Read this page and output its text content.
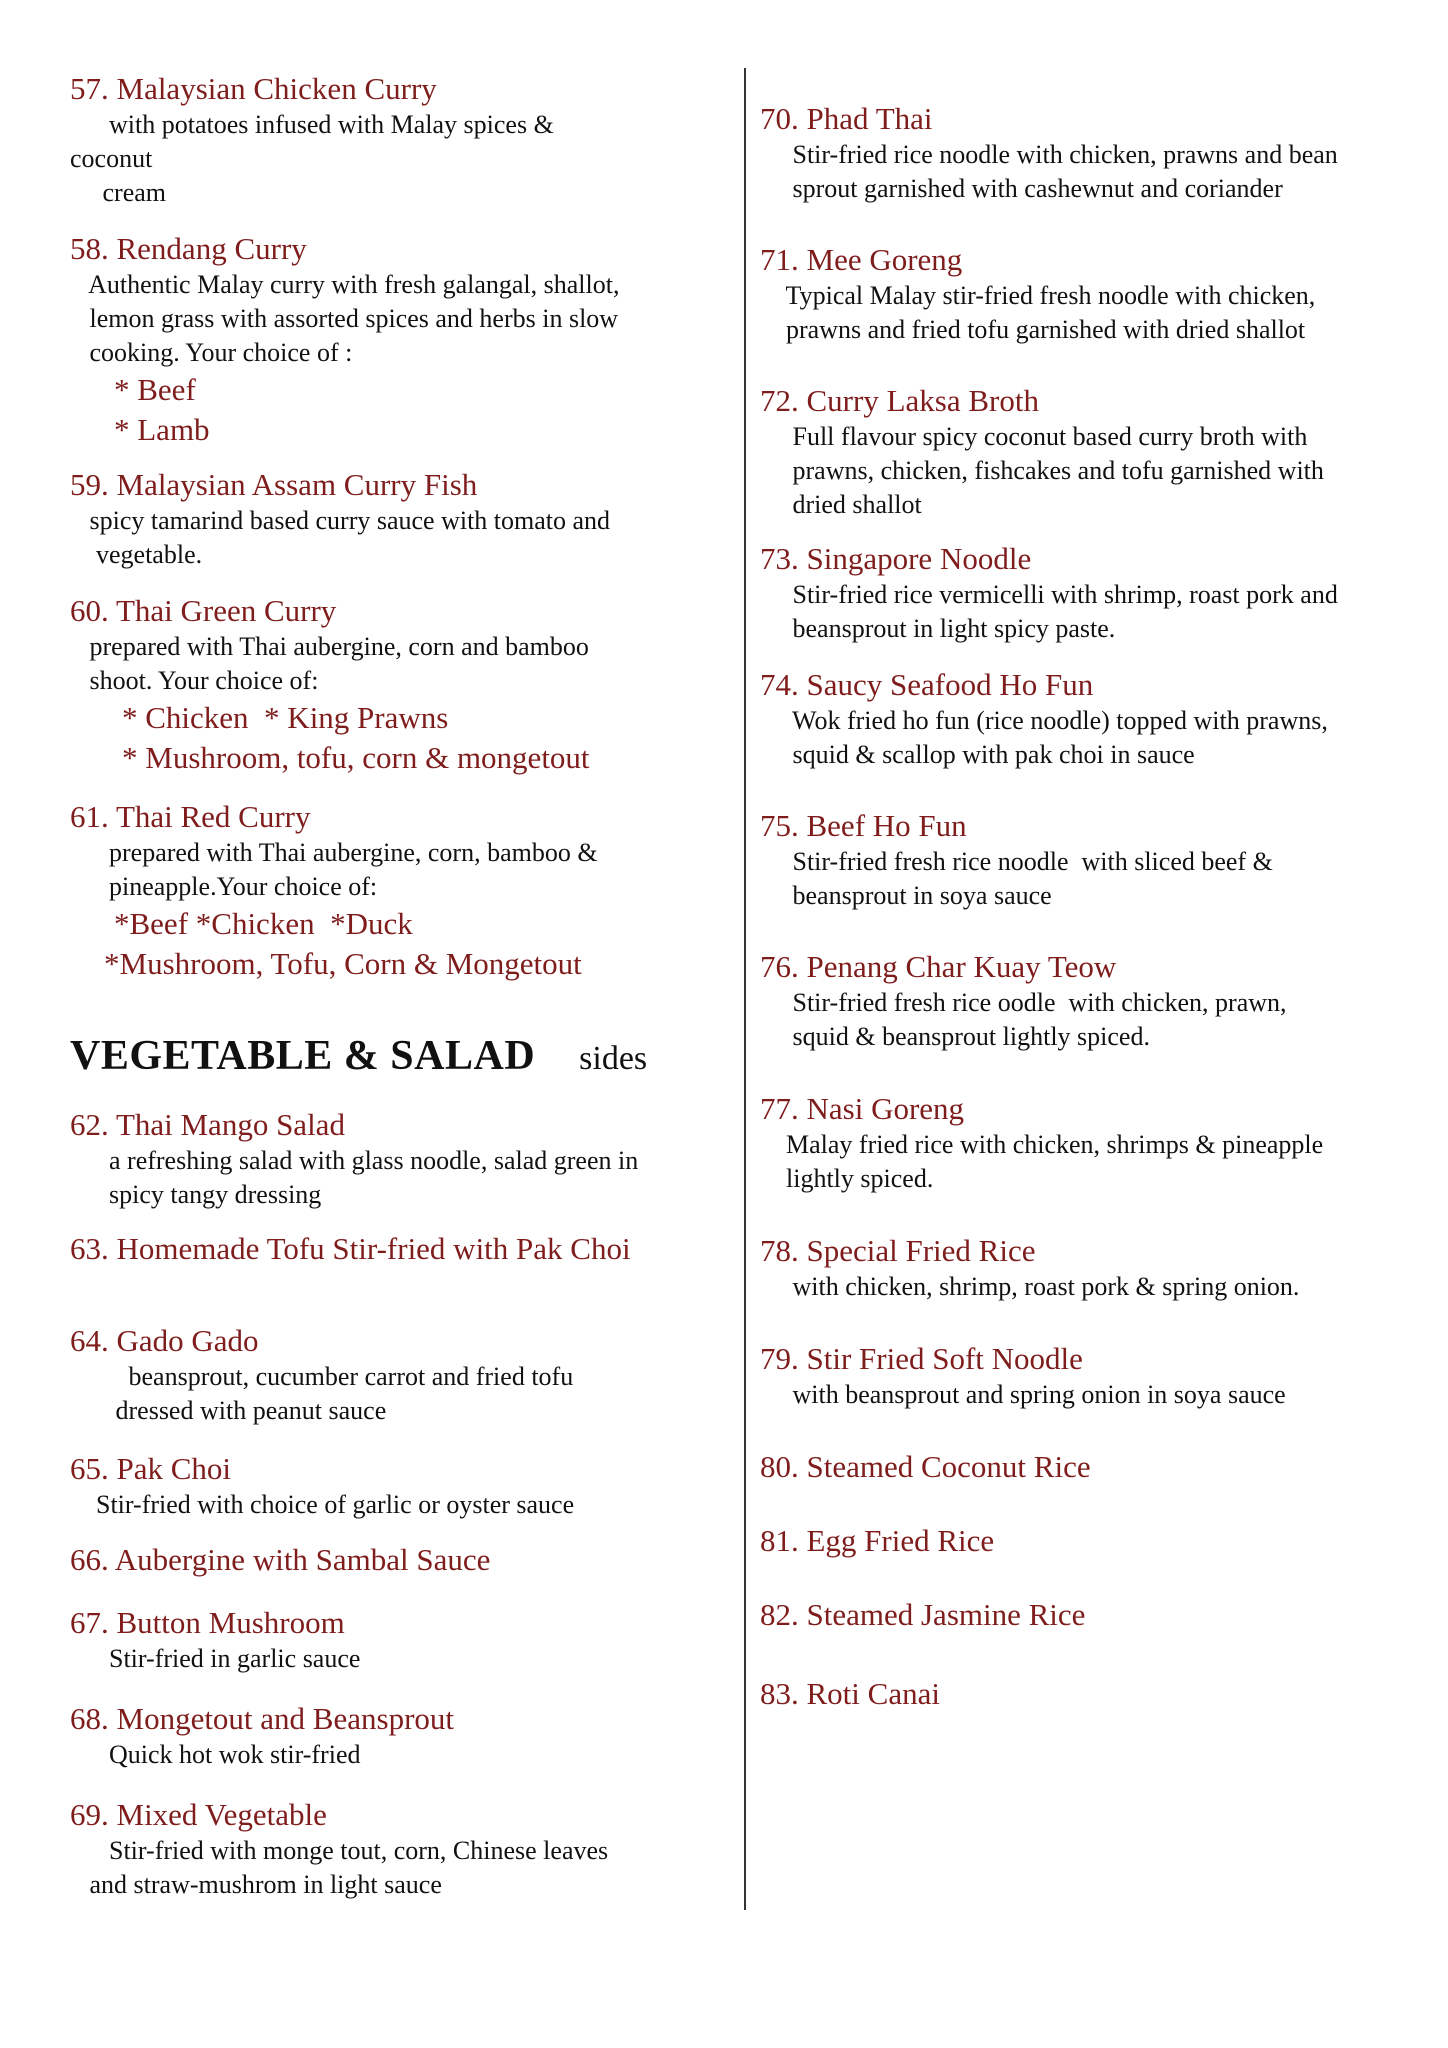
57. Malaysian Chicken Curry
with potatoes infused with Malay spices &
coconut
cream
58. Rendang Curry
Authentic Malay curry with fresh galangal, shallot,
lemon grass with assorted spices and herbs in slow
cooking. Your choice of :
* Beef
* Lamb
59. Malaysian Assam Curry Fish
spicy tamarind based curry sauce with tomato and
vegetable.
60. Thai Green Curry
prepared with Thai aubergine, corn and bamboo
shoot. Your choice of:
* Chicken  * King Prawns
* Mushroom, tofu, corn & mongetout
61. Thai Red Curry
prepared with Thai aubergine, corn, bamboo &
pineapple.Your choice of:
*Beef *Chicken  *Duck
*Mushroom, Tofu, Corn & Mongetout
VEGETABLE & SALAD sides
62. Thai Mango Salad
a refreshing salad with glass noodle, salad green in
spicy tangy dressing
63. Homemade Tofu Stir-fried with Pak Choi
64. Gado Gado
beansprout, cucumber carrot and fried tofu
dressed with peanut sauce
65. Pak Choi
Stir-fried with choice of garlic or oyster sauce
66. Aubergine with Sambal Sauce
67. Button Mushroom
Stir-fried in garlic sauce
68. Mongetout and Beansprout
Quick hot wok stir-fried
69. Mixed Vegetable
Stir-fried with monge tout, corn, Chinese leaves
and straw-mushrom in light sauce
70. Phad Thai
Stir-fried rice noodle with chicken, prawns and bean
sprout garnished with cashewnut and coriander
71. Mee Goreng
Typical Malay stir-fried fresh noodle with chicken,
prawns and fried tofu garnished with dried shallot
72. Curry Laksa Broth
Full flavour spicy coconut based curry broth with
prawns, chicken, fishcakes and tofu garnished with
dried shallot
73. Singapore Noodle
Stir-fried rice vermicelli with shrimp, roast pork and
beansprout in light spicy paste.
74. Saucy Seafood Ho Fun
Wok fried ho fun (rice noodle) topped with prawns,
squid & scallop with pak choi in sauce
75. Beef Ho Fun
Stir-fried fresh rice noodle  with sliced beef &
beansprout in soya sauce
76. Penang Char Kuay Teow
Stir-fried fresh rice oodle  with chicken, prawn,
squid & beansprout lightly spiced.
77. Nasi Goreng
Malay fried rice with chicken, shrimps & pineapple
lightly spiced.
78. Special Fried Rice
with chicken, shrimp, roast pork & spring onion.
79. Stir Fried Soft Noodle
with beansprout and spring onion in soya sauce
80. Steamed Coconut Rice
81. Egg Fried Rice
82. Steamed Jasmine Rice
83. Roti Canai
